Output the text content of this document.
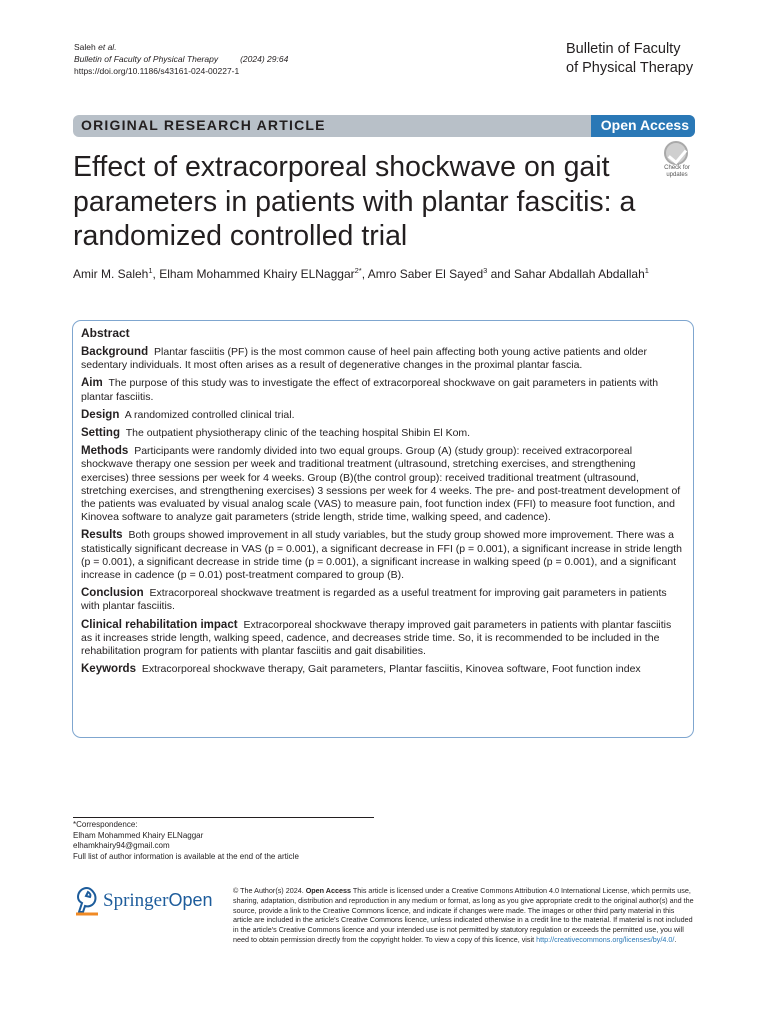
Saleh et al.
Bulletin of Faculty of Physical Therapy	(2024) 29:64
https://doi.org/10.1186/s43161-024-00227-1
Bulletin of Faculty
of Physical Therapy
ORIGINAL RESEARCH ARTICLE	Open Access
Effect of extracorporeal shockwave on gait parameters in patients with plantar fascitis: a randomized controlled trial
Check for
updates
Amir M. Saleh$^1$, Elham Mohammed Khairy ELNaggar$^{2*}$, Amro Saber El Sayed$^3$ and Sahar Abdallah Abdallah$^1$
Abstract
Background Plantar fasciitis (PF) is the most common cause of heel pain affecting both young active patients and older sedentary individuals. It most often arises as a result of degenerative changes in the proximal plantar fascia.
Aim The purpose of this study was to investigate the effect of extracorporeal shockwave on gait parameters in patients with plantar fasciitis.
Design A randomized controlled clinical trial.
Setting The outpatient physiotherapy clinic of the teaching hospital Shibin El Kom.
Methods Participants were randomly divided into two equal groups. Group (A) (study group): received extracorporeal shockwave therapy one session per week and traditional treatment (ultrasound, stretching exercises, and strengthening exercises) three sessions per week for 4 weeks. Group (B)(the control group): received traditional treatment (ultrasound, stretching exercises, and strengthening exercises) 3 sessions per week for 4 weeks. The pre- and post-treatment development of the patients was evaluated by visual analog scale (VAS) to measure pain, foot function index (FFI) to measure foot function, and Kinovea software to analyze gait parameters (stride length, stride time, walking speed, and cadence).
Results Both groups showed improvement in all study variables, but the study group showed more improvement. There was a statistically significant decrease in VAS (p = 0.001), a significant decrease in FFI (p = 0.001), a significant increase in stride length (p = 0.001), a significant decrease in stride time (p = 0.001), a significant increase in walking speed (p = 0.001), and a significant increase in cadence (p = 0.01) post-treatment compared to group (B).
Conclusion Extracorporeal shockwave treatment is regarded as a useful treatment for improving gait parameters in patients with plantar fasciitis.
Clinical rehabilitation impact Extracorporeal shockwave therapy improved gait parameters in patients with plantar fasciitis as it increases stride length, walking speed, cadence, and decreases stride time. So, it is recommended to be included in the rehabilitation program for patients with plantar fasciitis and gait disabilities.
Keywords Extracorporeal shockwave therapy, Gait parameters, Plantar fasciitis, Kinovea software, Foot function index
*Correspondence:
Elham Mohammed Khairy ELNaggar
elhamkhairy94@gmail.com
Full list of author information is available at the end of the article
SpringerOpen	© The Author(s) 2024. Open Access This article is licensed under a Creative Commons Attribution 4.0 International License, which permits use, sharing, adaptation, distribution and reproduction in any medium or format, as long as you give appropriate credit to the original author(s) and the source, provide a link to the Creative Commons licence, and indicate if changes were made. The images or other third party material in this article are included in the article's Creative Commons licence, unless indicated otherwise in a credit line to the material. If material is not included in the article's Creative Commons licence and your intended use is not permitted by statutory regulation or exceeds the permitted use, you will need to obtain permission directly from the copyright holder. To view a copy of this licence, visit http://creativecommons.org/licenses/by/4.0/.
